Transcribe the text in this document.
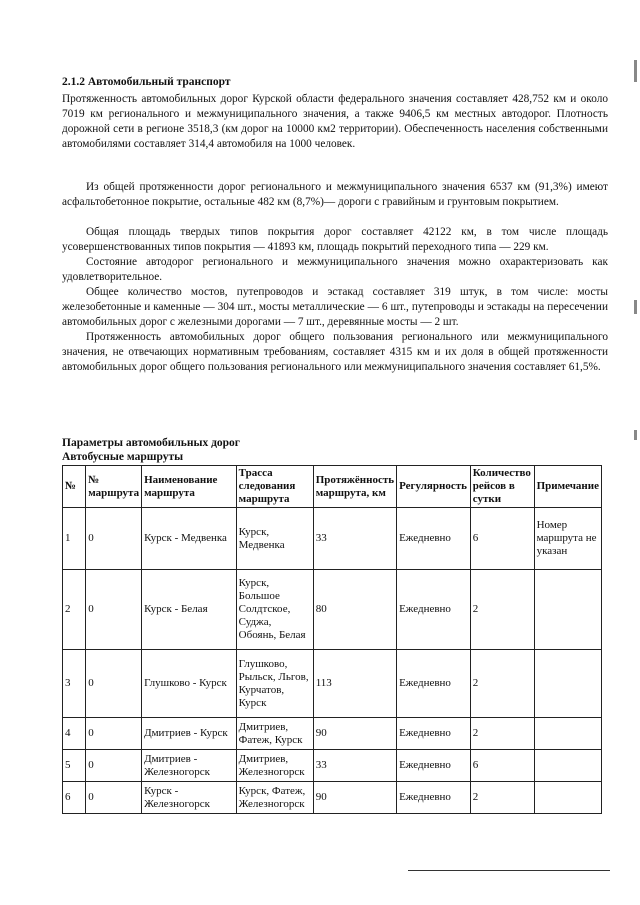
2.1.2 Автомобильный транспорт

Протяженность автомобильных дорог Курской области федерального значения составляет 428,752 км и около 7019 км регионального и межмуниципального значения, а также 9406,5 км местных автодорог. Плотность дорожной сети в регионе 3518,3 (км дорог на 10000 км2 территории). Обеспеченность населения собственными автомобилями составляет 314,4 автомобиля на 1000 человек.

Из общей протяженности дорог регионального и межмуниципального значения 6537 км (91,3%) имеют асфальтобетонное покрытие, остальные 482 км (8,7%)— дороги с гравийным и грунтовым покрытием.

Общая площадь твердых типов покрытия дорог составляет 42122 км, в том числе площадь усовершенствованных типов покрытия — 41893 км, площадь покрытий переходного типа — 229 км.

Состояние автодорог регионального и межмуниципального значения можно охарактеризовать как удовлетворительное.

Общее количество мостов, путепроводов и эстакад составляет 319 штук, в том числе: мосты железобетонные и каменные — 304 шт., мосты металлические — 6 шт., путепроводы и эстакады на пересечении автомобильных дорог с железными дорогами — 7 шт., деревянные мосты — 2 шт.

Протяженность автомобильных дорог общего пользования регионального или межмуниципального значения, не отвечающих нормативным требованиям, составляет 4315 км и их доля в общей протяженности автомобильных дорог общего пользования регионального или межмуниципального значения составляет 61,5%.

Параметры автомобильных дорог
Автобусные маршруты
№	№ маршрута	Наименование маршрута	Трасса следования маршрута	Протяжённость маршрута, км	Регулярность	Количество рейсов в сутки	Примечание
1	0	Курск - Медвенка	Курск, Медвенка	33	Ежедневно	6	Номер маршрута не указан
2	0	Курск - Белая	Курск, Большое Солдтское, Суджа, Обоянь, Белая	80	Ежедневно	2	
3	0	Глушково - Курск	Глушково, Рыльск, Льгов, Курчатов, Курск	113	Ежедневно	2	
4	0	Дмитриев - Курск	Дмитриев, Фатеж, Курск	90	Ежедневно	2	
5	0	Дмитриев - Железногорск	Дмитриев, Железногорск	33	Ежедневно	6	
6	0	Курск - Железногорск	Курск, Фатеж, Железногорск	90	Ежедневно	2	
